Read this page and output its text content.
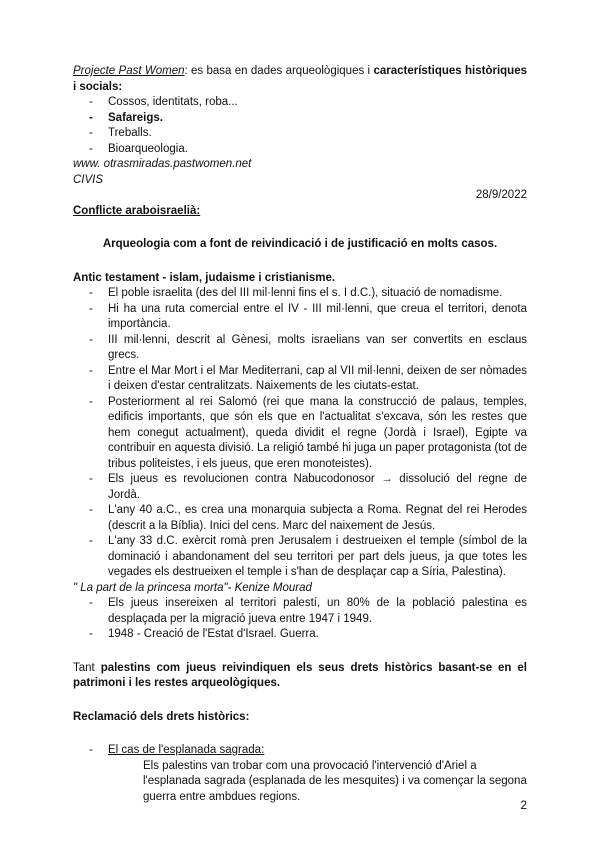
Projecte Past Women: es basa en dades arqueològiques i característiques històriques i socials:

- Cossos, identitats, roba...
- Safareigs.
- Treballs.
- Bioarqueologia.

www. otrasmiradas.pastwomen.net

CIVIS

28/9/2022

Conflicte araboisraelià:

Arqueologia com a font de reivindicació i de justificació en molts casos.

Antic testament - islam, judaisme i cristianisme.

- El poble israelita (des del III mil·lenni fins el s. I d.C.), situació de nomadisme.
- Hi ha una ruta comercial entre el IV - III mil·lenni, que creua el territori, denota importància.
- III mil·lenni, descrit al Gènesi, molts israelians van ser convertits en esclaus grecs.
- Entre el Mar Mort i el Mar Mediterrani, cap al VII mil·lenni, deixen de ser nòmades i deixen d'estar centralitzats. Naixements de les ciutats-estat.
- Posteriorment al rei Salomó (rei que mana la construcció de palaus, temples, edificis importants, que són els que en l'actualitat s'excava, són les restes que hem conegut actualment), queda dividit el regne (Jordà i Israel), Egipte va contribuir en aquesta divisió. La religió també hi juga un paper protagonista (tot de tribus politeistes, i els jueus, que eren monoteistes).
- Els jueus es revolucionen contra Nabucodonosor → dissolució del regne de Jordà.
- L'any 40 a.C., es crea una monarquia subjecta a Roma. Regnat del rei Herodes (descrit a la Bíblia). Inici del cens. Marc del naixement de Jesús.
- L'any 33 d.C. exèrcit romà pren Jerusalem i destrueixen el temple (símbol de la dominació i abandonament del seu territori per part dels jueus, ja que totes les vegades els destrueixen el temple i s'han de desplaçar cap a Síria, Palestina).

" La part de la princesa morta"- Kenize Mourad

- Els jueus insereixen al territori palestí, un 80% de la població palestina es desplaçada per la migració jueva entre 1947 i 1949.
- 1948 - Creació de l'Estat d'Israel. Guerra.

Tant palestins com jueus reivindiquen els seus drets històrics basant-se en el patrimoni i les restes arqueològiques.

Reclamació dels drets històrics:

- El cas de l'esplanada sagrada:

Els palestins van trobar com una provocació l'intervenció d'Ariel a l'esplanada sagrada (esplanada de les mesquites) i va començar la segona guerra entre ambdues regions.

2
